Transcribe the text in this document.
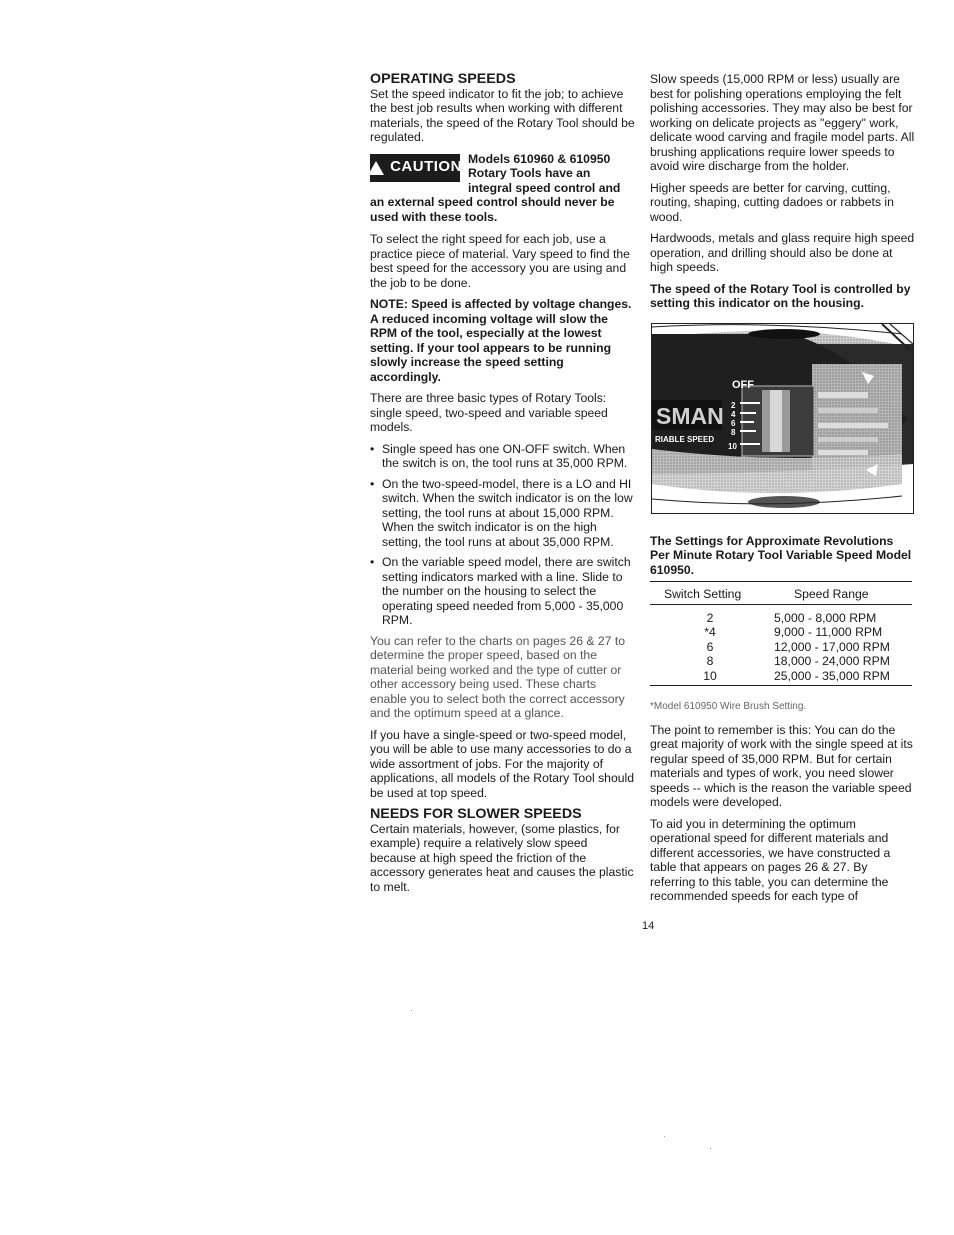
OPERATING SPEEDS

Set the speed indicator to fit the job; to achieve the best job results when working with different materials, the speed of the Rotary Tool should be regulated.

CAUTION Models 610960 & 610950 Rotary Tools have an integral speed control and an external speed control should never be used with these tools.

To select the right speed for each job, use a practice piece of material. Vary speed to find the best speed for the accessory you are using and the job to be done.

NOTE: Speed is affected by voltage changes. A reduced incoming voltage will slow the RPM of the tool, especially at the lowest setting. If your tool appears to be running slowly increase the speed setting accordingly.

There are three basic types of Rotary Tools: single speed, two-speed and variable speed models.

• Single speed has one ON-OFF switch. When the switch is on, the tool runs at 35,000 RPM.
• On the two-speed-model, there is a LO and HI switch. When the switch indicator is on the low setting, the tool runs at about 15,000 RPM. When the switch indicator is on the high setting, the tool runs at about 35,000 RPM.
• On the variable speed model, there are switch setting indicators marked with a line. Slide to the number on the housing to select the operating speed needed from 5,000 - 35,000 RPM.

You can refer to the charts on pages 26 & 27 to determine the proper speed, based on the material being worked and the type of cutter or other accessory being used. These charts enable you to select both the correct accessory and the optimum speed at a glance.

If you have a single-speed or two-speed model, you will be able to use many accessories to do a wide assortment of jobs. For the majority of applications, all models of the Rotary Tool should be used at top speed.

NEEDS FOR SLOWER SPEEDS

Certain materials, however, (some plastics, for example) require a relatively slow speed because at high speed the friction of the accessory generates heat and causes the plastic to melt.

Slow speeds (15,000 RPM or less) usually are best for polishing operations employing the felt polishing accessories. They may also be best for working on delicate projects as "eggery" work, delicate wood carving and fragile model parts. All brushing applications require lower speeds to avoid wire discharge from the holder.

Higher speeds are better for carving, cutting, routing, shaping, cutting dadoes or rabbets in wood.

Hardwoods, metals and glass require high speed operation, and drilling should also be done at high speeds.

The speed of the Rotary Tool is controlled by setting this indicator on the housing.

SMAN
RIABLE SPEED
OFF
2
4
6
8
10

The Settings for Approximate Revolutions Per Minute Rotary Tool Variable Speed Model 610950.

Switch Setting	Speed Range
2	5,000 - 8,000 RPM
*4	9,000 - 11,000 RPM
6	12,000 - 17,000 RPM
8	18,000 - 24,000 RPM
10	25,000 - 35,000 RPM
*Model 610950 Wire Brush Setting.

The point to remember is this: You can do the great majority of work with the single speed at its regular speed of 35,000 RPM. But for certain materials and types of work, you need slower speeds -- which is the reason the variable speed models were developed.

To aid you in determining the optimum operational speed for different materials and different accessories, we have constructed a table that appears on pages 26 & 27. By referring to this table, you can determine the recommended speeds for each type of

14
